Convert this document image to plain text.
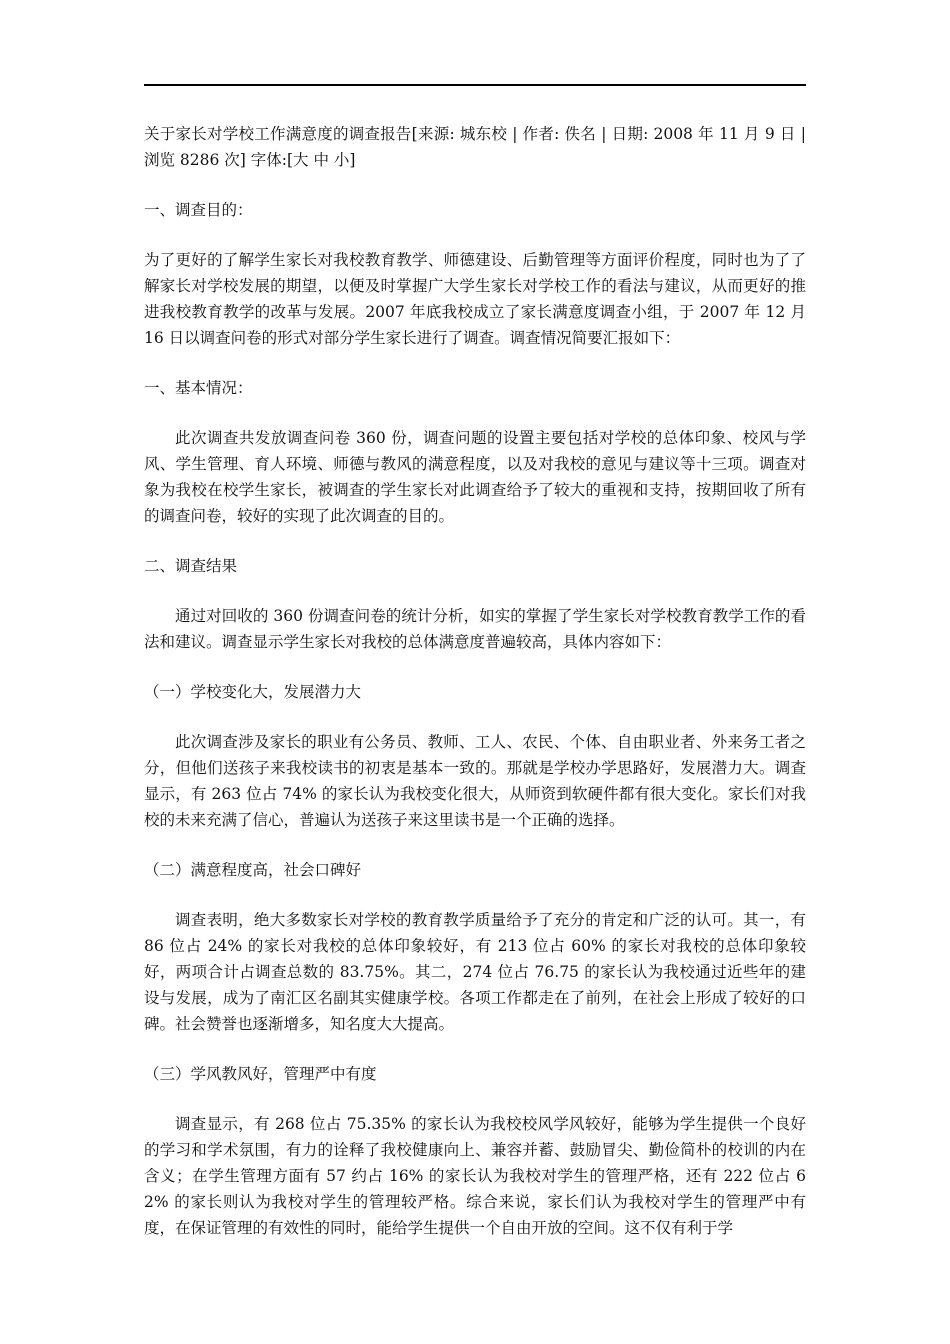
关于家长对学校工作满意度的调查报告[来源: 城东校 | 作者: 佚名 | 日期: 2008 年 11 月 9 日 | 浏览 8286 次] 字体:[大 中 小]

一、调查目的：

为了更好的了解学生家长对我校教育教学、师德建设、后勤管理等方面评价程度，同时也为了了解家长对学校发展的期望，以便及时掌握广大学生家长对学校工作的看法与建议，从而更好的推进我校教育教学的改革与发展。2007 年底我校成立了家长满意度调查小组，于 2007 年 12 月 16 日以调查问卷的形式对部分学生家长进行了调查。调查情况简要汇报如下：

一、基本情况：

此次调查共发放调查问卷 360 份，调查问题的设置主要包括对学校的总体印象、校风与学风、学生管理、育人环境、师德与教风的满意程度，以及对我校的意见与建议等十三项。调查对象为我校在校学生家长，被调查的学生家长对此调查给予了较大的重视和支持，按期回收了所有的调查问卷，较好的实现了此次调查的目的。

二、调查结果

通过对回收的 360 份调查问卷的统计分析，如实的掌握了学生家长对学校教育教学工作的看法和建议。调查显示学生家长对我校的总体满意度普遍较高，具体内容如下：

（一）学校变化大，发展潜力大

此次调查涉及家长的职业有公务员、教师、工人、农民、个体、自由职业者、外来务工者之分，但他们送孩子来我校读书的初衷是基本一致的。那就是学校办学思路好，发展潜力大。调查显示，有 263 位占 74% 的家长认为我校变化很大，从师资到软硬件都有很大变化。家长们对我校的未来充满了信心，普遍认为送孩子来这里读书是一个正确的选择。

（二）满意程度高，社会口碑好

调查表明，绝大多数家长对学校的教育教学质量给予了充分的肯定和广泛的认可。其一，有 86 位占 24% 的家长对我校的总体印象较好，有 213 位占 60% 的家长对我校的总体印象较好，两项合计占调查总数的 83.75%。其二，274 位占 76.75 的家长认为我校通过近些年的建设与发展，成为了南汇区名副其实健康学校。各项工作都走在了前列，在社会上形成了较好的口碑。社会赞誉也逐渐增多，知名度大大提高。

（三）学风教风好，管理严中有度

调查显示，有 268 位占 75.35% 的家长认为我校校风学风较好，能够为学生提供一个良好的学习和学术氛围，有力的诠释了我校健康向上、兼容并蓄、鼓励冒尖、勤俭简朴的校训的内在含义；在学生管理方面有 57 约占 16% 的家长认为我校对学生的管理严格，还有 222 位占 62% 的家长则认为我校对学生的管理较严格。综合来说，家长们认为我校对学生的管理严中有度，在保证管理的有效性的同时，能给学生提供一个自由开放的空间。这不仅有利于学
